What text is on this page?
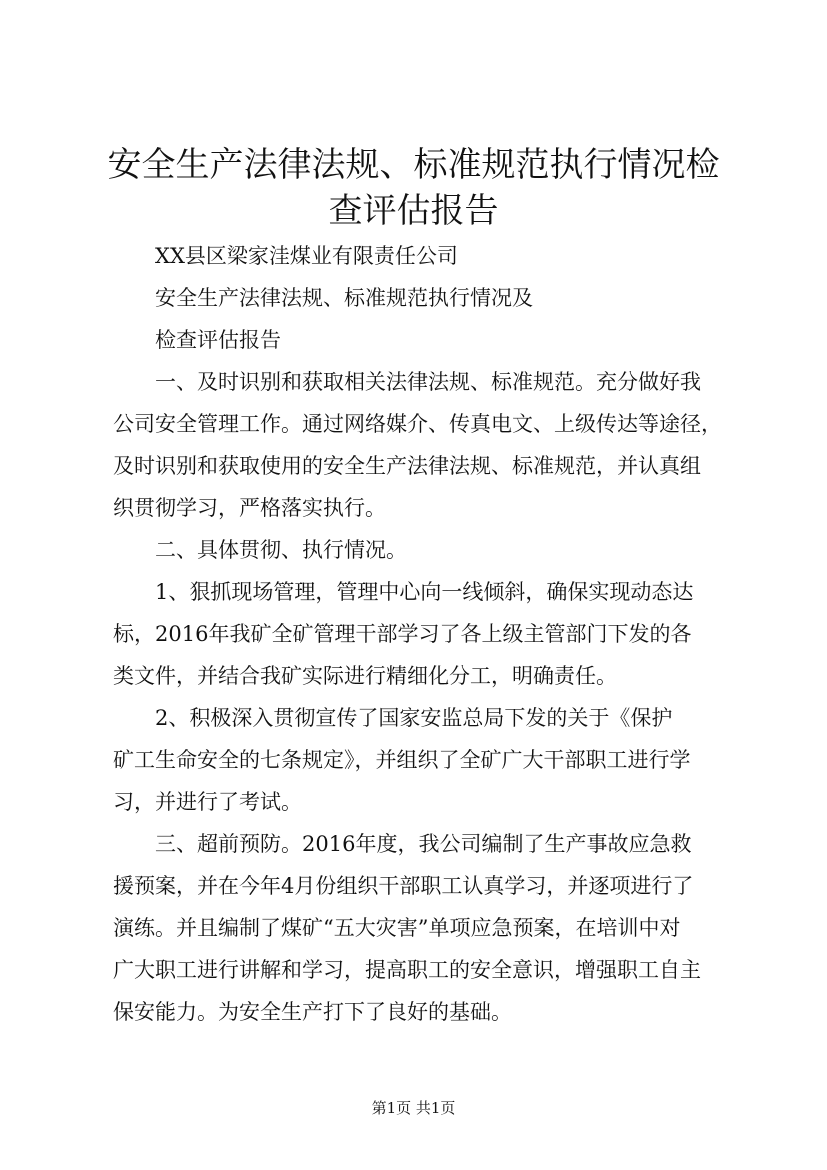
安全生产法律法规、标准规范执行情况检查评估报告

XX县区梁家洼煤业有限责任公司

安全生产法律法规、标准规范执行情况及

检查评估报告

一、及时识别和获取相关法律法规、标准规范。充分做好我

公司安全管理工作。通过网络媒介、传真电文、上级传达等途径，

及时识别和获取使用的安全生产法律法规、标准规范，并认真组

织贯彻学习，严格落实执行。

二、具体贯彻、执行情况。

1、狠抓现场管理，管理中心向一线倾斜，确保实现动态达

标，2016年我矿全矿管理干部学习了各上级主管部门下发的各

类文件，并结合我矿实际进行精细化分工，明确责任。

2、积极深入贯彻宣传了国家安监总局下发的关于《保护

矿工生命安全的七条规定》，并组织了全矿广大干部职工进行学

习，并进行了考试。

三、超前预防。2016年度，我公司编制了生产事故应急救

援预案，并在今年4月份组织干部职工认真学习，并逐项进行了

演练。并且编制了煤矿“五大灾害”单项应急预案，在培训中对

广大职工进行讲解和学习，提高职工的安全意识，增强职工自主

保安能力。为安全生产打下了良好的基础。

第1页 共1页
